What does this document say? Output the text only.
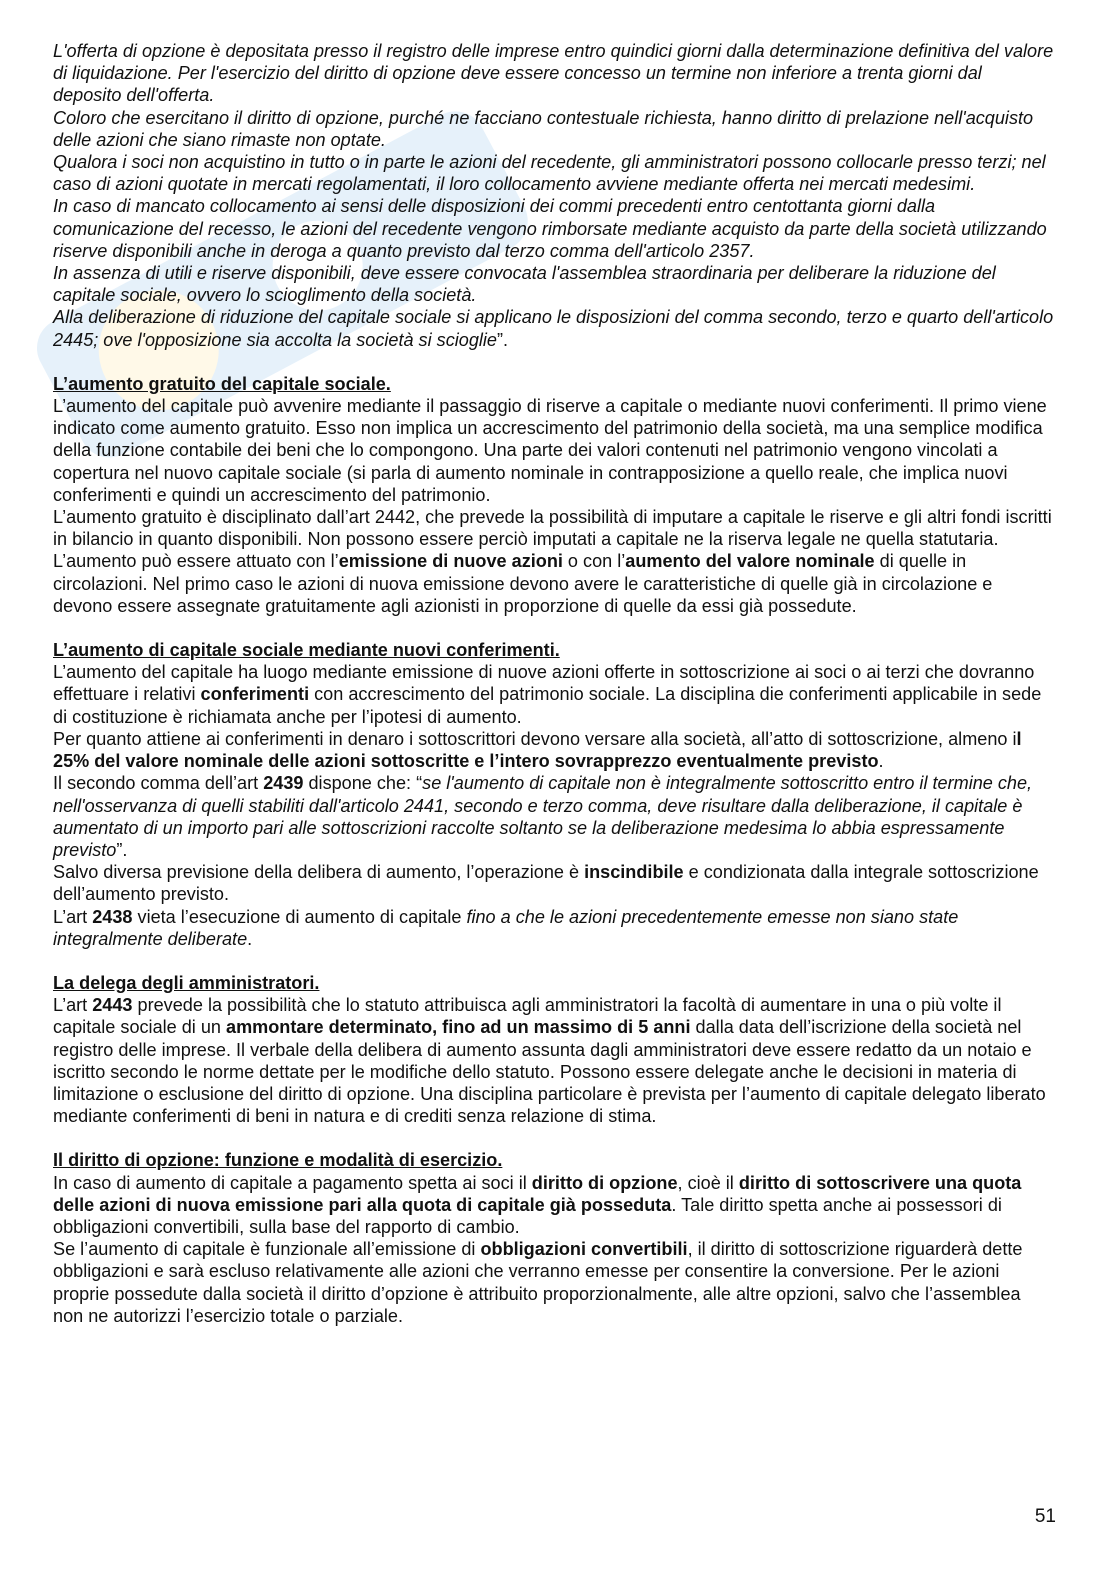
L'offerta di opzione è depositata presso il registro delle imprese entro quindici giorni dalla determinazione definitiva del valore di liquidazione. Per l'esercizio del diritto di opzione deve essere concesso un termine non inferiore a trenta giorni dal deposito dell'offerta.

Coloro che esercitano il diritto di opzione, purché ne facciano contestuale richiesta, hanno diritto di prelazione nell'acquisto delle azioni che siano rimaste non optate.

Qualora i soci non acquistino in tutto o in parte le azioni del recedente, gli amministratori possono collocarle presso terzi; nel caso di azioni quotate in mercati regolamentati, il loro collocamento avviene mediante offerta nei mercati medesimi.

In caso di mancato collocamento ai sensi delle disposizioni dei commi precedenti entro centottanta giorni dalla comunicazione del recesso, le azioni del recedente vengono rimborsate mediante acquisto da parte della società utilizzando riserve disponibili anche in deroga a quanto previsto dal terzo comma dell'articolo 2357.

In assenza di utili e riserve disponibili, deve essere convocata l'assemblea straordinaria per deliberare la riduzione del capitale sociale, ovvero lo scioglimento della società.

Alla deliberazione di riduzione del capitale sociale si applicano le disposizioni del comma secondo, terzo e quarto dell'articolo 2445; ove l'opposizione sia accolta la società si scioglie”.

L’aumento gratuito del capitale sociale.

L’aumento del capitale può avvenire mediante il passaggio di riserve a capitale o mediante nuovi conferimenti. Il primo viene indicato come aumento gratuito. Esso non implica un accrescimento del patrimonio della società, ma una semplice modifica della funzione contabile dei beni che lo compongono. Una parte dei valori contenuti nel patrimonio vengono vincolati a copertura nel nuovo capitale sociale (si parla di aumento nominale in contrapposizione a quello reale, che implica nuovi conferimenti e quindi un accrescimento del patrimonio.

L’aumento gratuito è disciplinato dall’art 2442, che prevede la possibilità di imputare a capitale le riserve e gli altri fondi iscritti in bilancio in quanto disponibili. Non possono essere perciò imputati a capitale ne la riserva legale ne quella statutaria. L’aumento può essere attuato con l’emissione di nuove azioni o con l’aumento del valore nominale di quelle in circolazioni. Nel primo caso le azioni di nuova emissione devono avere le caratteristiche di quelle già in circolazione e devono essere assegnate gratuitamente agli azionisti in proporzione di quelle da essi già possedute.

L’aumento di capitale sociale mediante nuovi conferimenti.

L’aumento del capitale ha luogo mediante emissione di nuove azioni offerte in sottoscrizione ai soci o ai terzi che dovranno effettuare i relativi conferimenti con accrescimento del patrimonio sociale. La disciplina die conferimenti applicabile in sede di costituzione è richiamata anche per l’ipotesi di aumento.

Per quanto attiene ai conferimenti in denaro i sottoscrittori devono versare alla società, all’atto di sottoscrizione, almeno il 25% del valore nominale delle azioni sottoscritte e l’intero sovrapprezzo eventualmente previsto.

Il secondo comma dell’art 2439 dispone che: “se l'aumento di capitale non è integralmente sottoscritto entro il termine che, nell'osservanza di quelli stabiliti dall'articolo 2441, secondo e terzo comma, deve risultare dalla deliberazione, il capitale è aumentato di un importo pari alle sottoscrizioni raccolte soltanto se la deliberazione medesima lo abbia espressamente previsto”.

Salvo diversa previsione della delibera di aumento, l’operazione è inscindibile e condizionata dalla integrale sottoscrizione dell’aumento previsto.

L’art 2438 vieta l’esecuzione di aumento di capitale fino a che le azioni precedentemente emesse non siano state integralmente deliberate.

La delega degli amministratori.

L’art 2443 prevede la possibilità che lo statuto attribuisca agli amministratori la facoltà di aumentare in una o più volte il capitale sociale di un ammontare determinato, fino ad un massimo di 5 anni dalla data dell’iscrizione della società nel registro delle imprese. Il verbale della delibera di aumento assunta dagli amministratori deve essere redatto da un notaio e iscritto secondo le norme dettate per le modifiche dello statuto. Possono essere delegate anche le decisioni in materia di limitazione o esclusione del diritto di opzione. Una disciplina particolare è prevista per l’aumento di capitale delegato liberato mediante conferimenti di beni in natura e di crediti senza relazione di stima.

Il diritto di opzione: funzione e modalità di esercizio.

In caso di aumento di capitale a pagamento spetta ai soci il diritto di opzione, cioè il diritto di sottoscrivere una quota delle azioni di nuova emissione pari alla quota di capitale già posseduta. Tale diritto spetta anche ai possessori di obbligazioni convertibili, sulla base del rapporto di cambio.

Se l’aumento di capitale è funzionale all’emissione di obbligazioni convertibili, il diritto di sottoscrizione riguarderà dette obbligazioni e sarà escluso relativamente alle azioni che verranno emesse per consentire la conversione. Per le azioni proprie possedute dalla società il diritto d’opzione è attribuito proporzionalmente, alle altre opzioni, salvo che l’assemblea non ne autorizzi l’esercizio totale o parziale.

51
